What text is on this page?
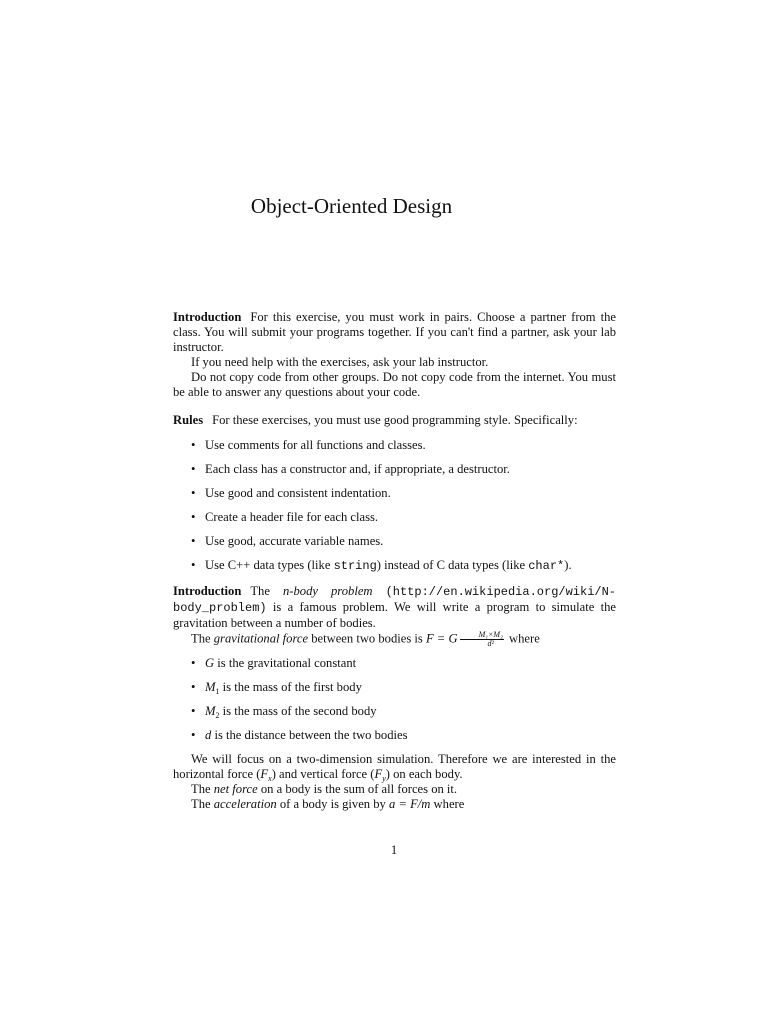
Object-Oriented Design

Introduction For this exercise, you must work in pairs. Choose a partner from the class. You will submit your programs together. If you can't find a partner, ask your lab instructor.

If you need help with the exercises, ask your lab instructor.

Do not copy code from other groups. Do not copy code from the internet. You must be able to answer any questions about your code.

Rules For these exercises, you must use good programming style. Specifically:

• Use comments for all functions and classes.
• Each class has a constructor and, if appropriate, a destructor.
• Use good and consistent indentation.
• Create a header file for each class.
• Use good, accurate variable names.
• Use C++ data types (like string) instead of C data types (like char*).

Introduction The n-body problem (http://en.wikipedia.org/wiki/N-body_problem) is a famous problem. We will write a program to simulate the gravitation between a number of bodies.

The gravitational force between two bodies is F = G $\frac{\text{M₁×M₂}}{\text{d²}}$ where

• G is the gravitational constant
• $M_1$ is the mass of the first body
• $M_2$ is the mass of the second body
• d is the distance between the two bodies

We will focus on a two-dimension simulation. Therefore we are interested in the horizontal force $(F_x)$ and vertical force $(F_y)$ on each body.

The net force on a body is the sum of all forces on it.

The acceleration of a body is given by a = F/m where

1
